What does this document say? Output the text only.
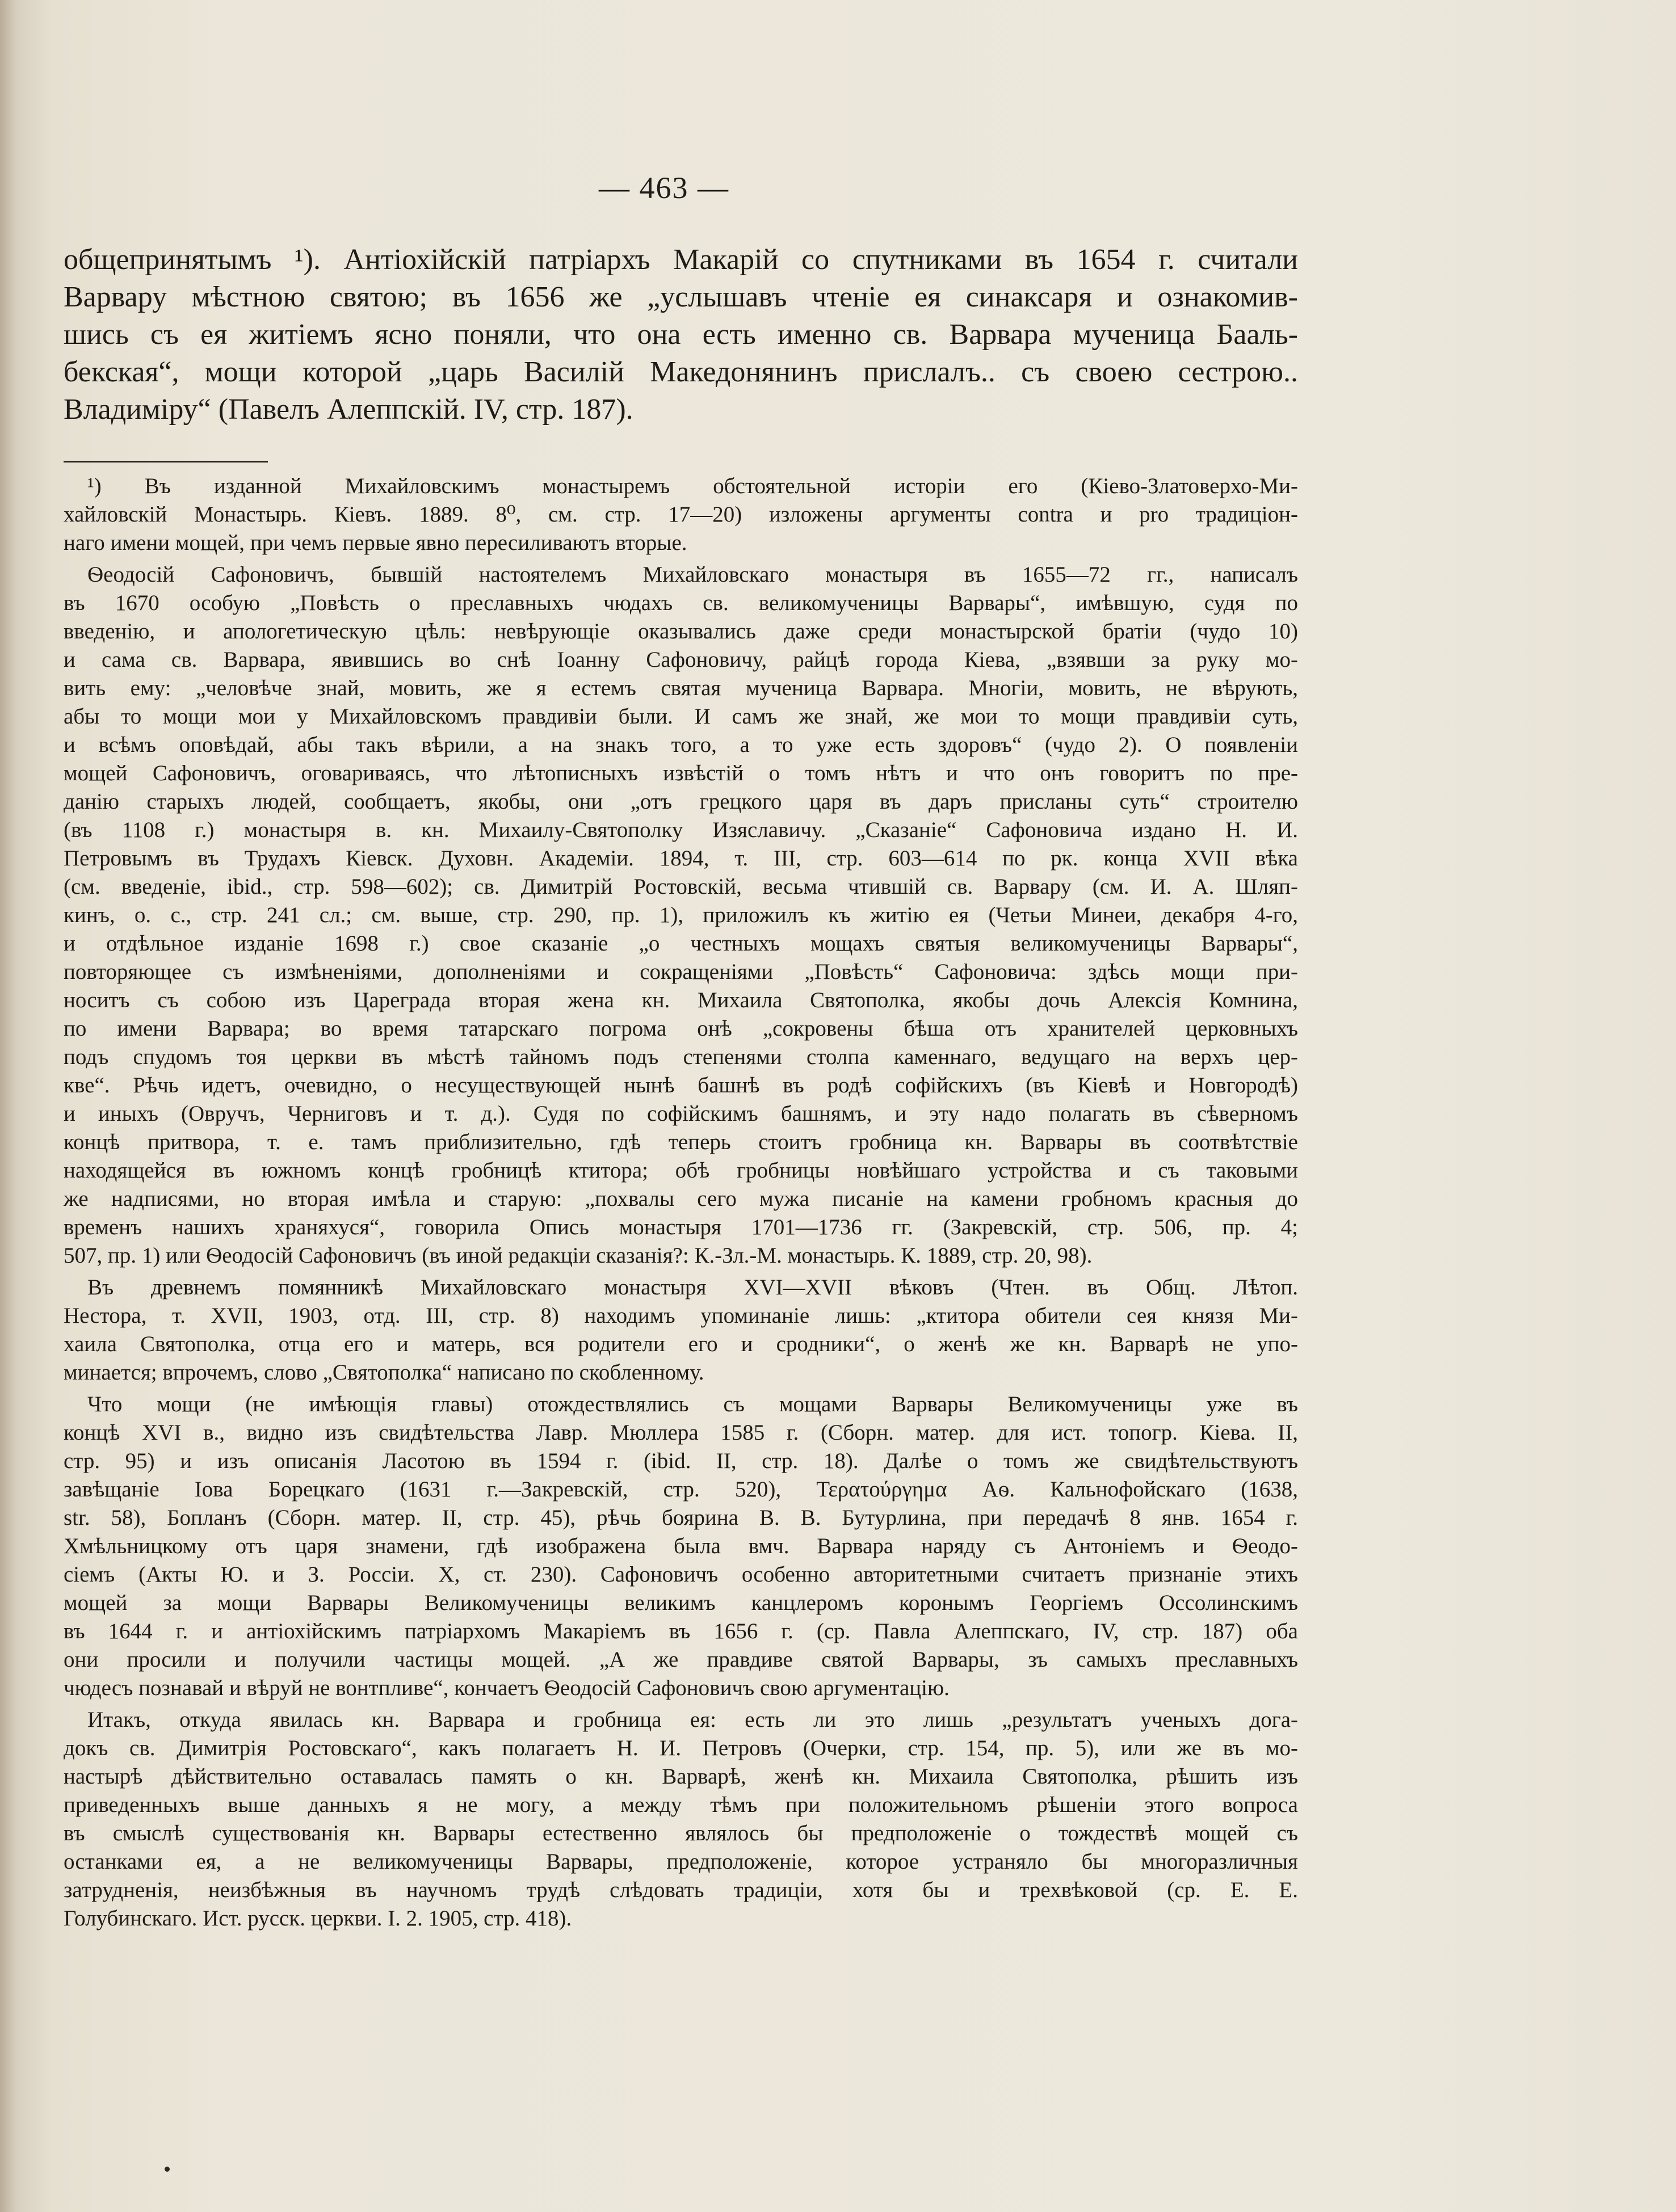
— 463 —
общепринятымъ ¹). Антіохійскій патріархъ Макарій со спутниками въ 1654 г. считали
Варвару мѣстною святою; въ 1656 же „услышавъ чтеніе ея синаксаря и ознакомив-
шись съ ея житіемъ ясно поняли, что она есть именно св. Варвара мученица Бааль-
бекская“, мощи которой „царь Василій Македонянинъ прислалъ.. съ своею сестрою..
Владиміру“ (Павелъ Алеппскій. IV, стр. 187).
¹) Въ изданной Михайловскимъ монастыремъ обстоятельной исторіи его (Кіево-Златоверхо-Ми-
хайловскій Монастырь. Кіевъ. 1889. 8⁰, см. стр. 17—20) изложены аргументы contra и pro традиціон-
наго имени мощей, при чемъ первые явно пересиливаютъ вторые.
Ѳеодосій Сафоновичъ, бывшій настоятелемъ Михайловскаго монастыря въ 1655—72 гг., написалъ
въ 1670 особую „Повѣсть о преславныхъ чюдахъ св. великомученицы Варвары“, имѣвшую, судя по
введенію, и апологетическую цѣль: невѣрующіе оказывались даже среди монастырской братіи (чудо 10)
и сама св. Варвара, явившись во снѣ Іоанну Сафоновичу, райцѣ города Кіева, „взявши за руку мо-
вить ему: „человѣче знай, мовить, же я естемъ святая мученица Варвара. Многіи, мовить, не вѣрують,
абы то мощи мои у Михайловскомъ правдивіи были. И самъ же знай, же мои то мощи правдивіи суть,
и всѣмъ оповѣдай, абы такъ вѣрили, а на знакъ того, а то уже есть здоровъ“ (чудо 2). О появленіи
мощей Сафоновичъ, оговариваясь, что лѣтописныхъ извѣстій о томъ нѣтъ и что онъ говоритъ по пре-
данію старыхъ людей, сообщаетъ, якобы, они „отъ грецкого царя въ даръ присланы суть“ строителю
(въ 1108 г.) монастыря в. кн. Михаилу-Святополку Изяславичу. „Сказаніе“ Сафоновича издано Н. И.
Петровымъ въ Трудахъ Кіевск. Духовн. Академіи. 1894, т. III, стр. 603—614 по рк. конца XVII вѣка
(см. введеніе, ibid., стр. 598—602); св. Димитрій Ростовскій, весьма чтившій св. Варвару (см. И. А. Шляп-
кинъ, о. с., стр. 241 сл.; см. выше, стр. 290, пр. 1), приложилъ къ житію ея (Четьи Минеи, декабря 4-го,
и отдѣльное изданіе 1698 г.) свое сказаніе „о честныхъ мощахъ святыя великомученицы Варвары“,
повторяющее съ измѣненіями, дополненіями и сокращеніями „Повѣсть“ Сафоновича: здѣсь мощи при-
носитъ съ собою изъ Цареграда вторая жена кн. Михаила Святополка, якобы дочь Алексія Комнина,
по имени Варвара; во время татарскаго погрома онѣ „сокровены бѣша отъ хранителей церковныхъ
подъ спудомъ тоя церкви въ мѣстѣ тайномъ подъ степенями столпа каменнаго, ведущаго на верхъ цер-
кве“. Рѣчь идетъ, очевидно, о несуществующей нынѣ башнѣ въ родѣ софійскихъ (въ Кіевѣ и Новгородѣ)
и иныхъ (Овручъ, Черниговъ и т. д.). Судя по софійскимъ башнямъ, и эту надо полагать въ сѣверномъ
концѣ притвора, т. е. тамъ приблизительно, гдѣ теперь стоитъ гробница кн. Варвары въ соотвѣтствіе
находящейся въ южномъ концѣ гробницѣ ктитора; обѣ гробницы новѣйшаго устройства и съ таковыми
же надписями, но вторая имѣла и старую: „похвалы сего мужа писаніе на камени гробномъ красныя до
временъ нашихъ храняхуся“, говорила Опись монастыря 1701—1736 гг. (Закревскій, стр. 506, пр. 4;
507, пр. 1) или Ѳеодосій Сафоновичъ (въ иной редакціи сказанія?: К.-Зл.-М. монастырь. К. 1889, стр. 20, 98).
Въ древнемъ помянникѣ Михайловскаго монастыря XVI—XVII вѣковъ (Чтен. въ Общ. Лѣтоп.
Нестора, т. XVII, 1903, отд. III, стр. 8) находимъ упоминаніе лишь: „ктитора обители сея князя Ми-
хаила Святополка, отца его и матерь, вся родители его и сродники“, о женѣ же кн. Варварѣ не упо-
минается; впрочемъ, слово „Святополка“ написано по скобленному.
Что мощи (не имѣющія главы) отождествлялись съ мощами Варвары Великомученицы уже въ
концѣ XVI в., видно изъ свидѣтельства Лавр. Мюллера 1585 г. (Сборн. матер. для ист. топогр. Кіева. II,
стр. 95) и изъ описанія Ласотою въ 1594 г. (ibid. II, стр. 18). Далѣе о томъ же свидѣтельствуютъ
завѣщаніе Іова Борецкаго (1631 г.—Закревскій, стр. 520), Τερατούργημα Аѳ. Кальнофойскаго (1638,
str. 58), Бопланъ (Сборн. матер. II, стр. 45), рѣчь боярина В. В. Бутурлина, при передачѣ 8 янв. 1654 г.
Хмѣльницкому отъ царя знамени, гдѣ изображена была вмч. Варвара наряду съ Антоніемъ и Ѳеодо-
сіемъ (Акты Ю. и З. Россіи. X, ст. 230). Сафоновичъ особенно авторитетными считаетъ признаніе этихъ
мощей за мощи Варвары Великомученицы великимъ канцлеромъ коронымъ Георгіемъ Оссолинскимъ
въ 1644 г. и антіохійскимъ патріархомъ Макаріемъ въ 1656 г. (ср. Павла Алеппскаго, IV, стр. 187) оба
они просили и получили частицы мощей. „А же правдиве святой Варвары, зъ самыхъ преславныхъ
чюдесъ познавай и вѣруй не вонтпливе“, кончаетъ Ѳеодосій Сафоновичъ свою аргументацію.
Итакъ, откуда явилась кн. Варвара и гробница ея: есть ли это лишь „результатъ ученыхъ дога-
докъ св. Димитрія Ростовскаго“, какъ полагаетъ Н. И. Петровъ (Очерки, стр. 154, пр. 5), или же въ мо-
настырѣ дѣйствительно оставалась память о кн. Варварѣ, женѣ кн. Михаила Святополка, рѣшить изъ
приведенныхъ выше данныхъ я не могу, а между тѣмъ при положительномъ рѣшеніи этого вопроса
въ смыслѣ существованія кн. Варвары естественно являлось бы предположеніе о тождествѣ мощей съ
останками ея, а не великомученицы Варвары, предположеніе, которое устраняло бы многоразличныя
затрудненія, неизбѣжныя въ научномъ трудѣ слѣдовать традиціи, хотя бы и трехвѣковой (ср. Е. Е.
Голубинскаго. Ист. русск. церкви. I. 2. 1905, стр. 418).
